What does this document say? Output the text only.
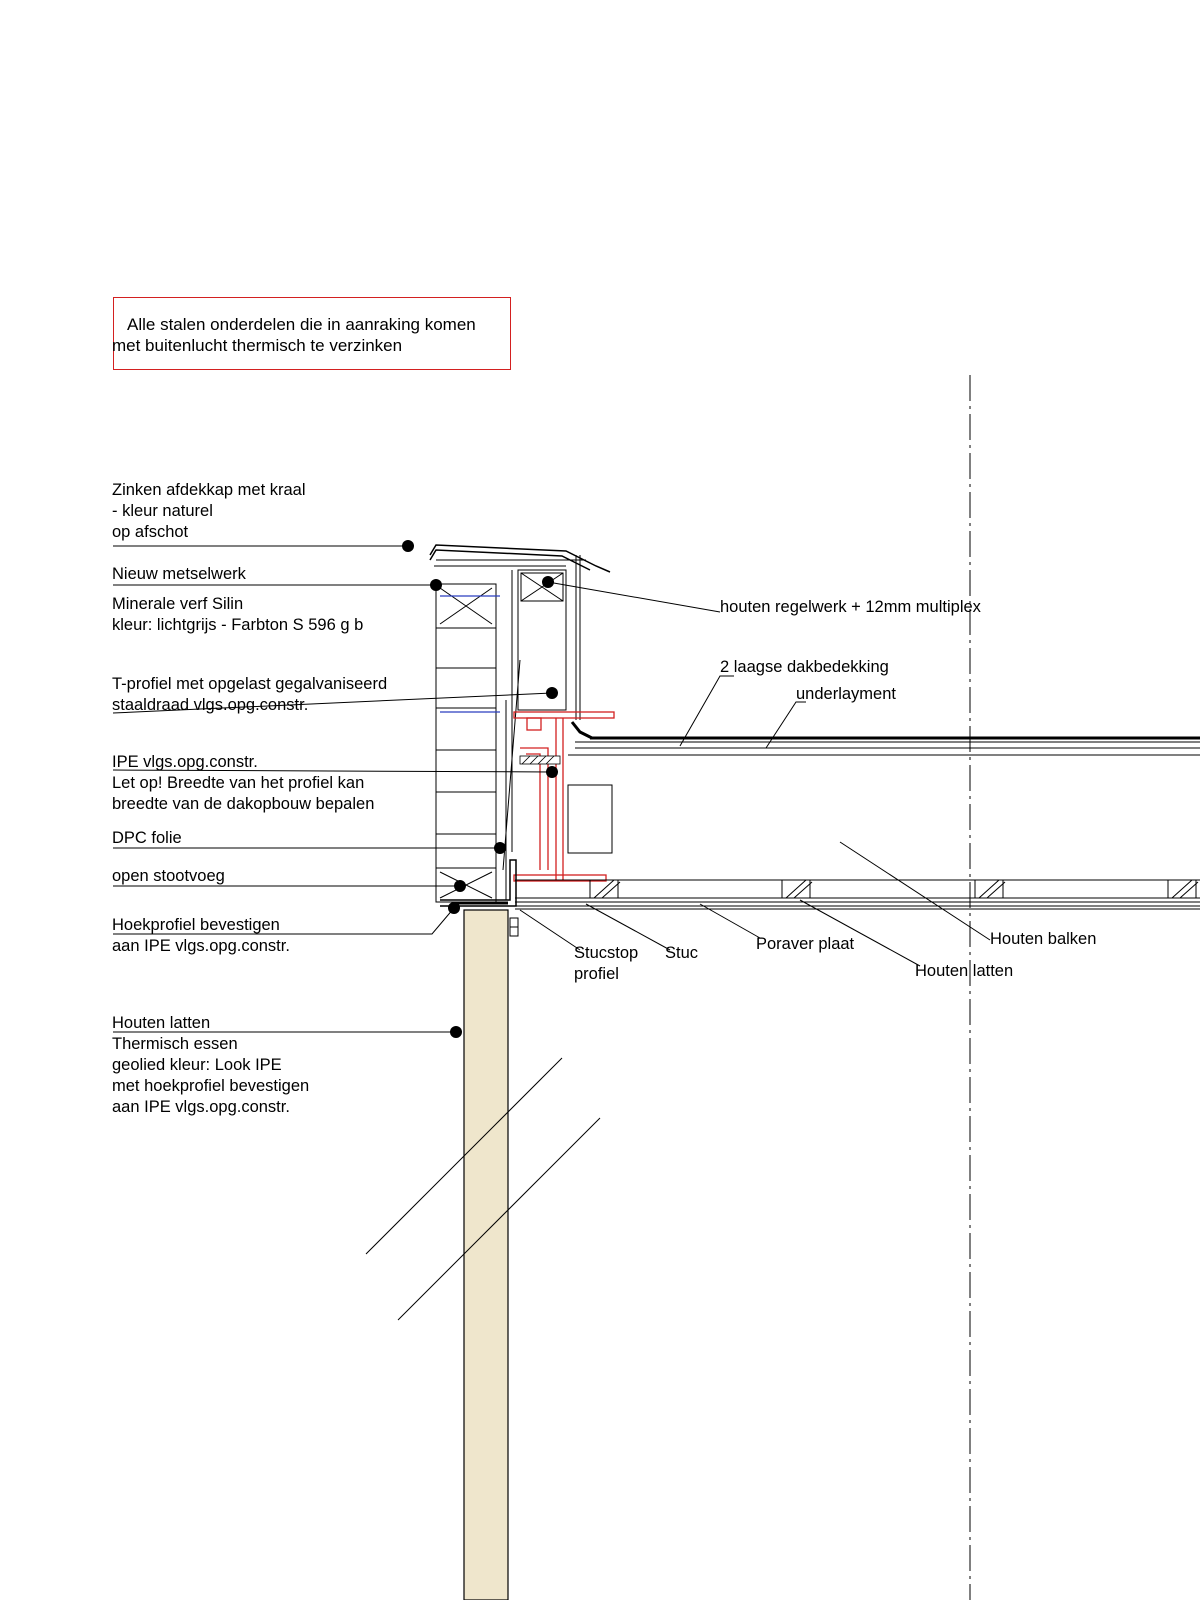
Alle stalen onderdelen die in aanraking komen
met buitenlucht thermisch te verzinken
Zinken afdekkap met kraal
- kleur naturel
op afschot
Nieuw metselwerk
Minerale verf Silin
kleur: lichtgrijs - Farbton S 596 g b
T-profiel met opgelast gegalvaniseerd
staaldraad vlgs.opg.constr.
IPE vlgs.opg.constr.
Let op! Breedte van het profiel kan
breedte van de dakopbouw bepalen
DPC folie
open stootvoeg
Hoekprofiel bevestigen
aan IPE vlgs.opg.constr.
Houten latten
Thermisch essen
geolied kleur: Look IPE
met hoekprofiel bevestigen
aan IPE vlgs.opg.constr.
houten regelwerk + 12mm multiplex
2 laagse dakbedekking
underlayment
Houten balken
Stucstop
profiel
Stuc	Poraver plaat
Houten latten
